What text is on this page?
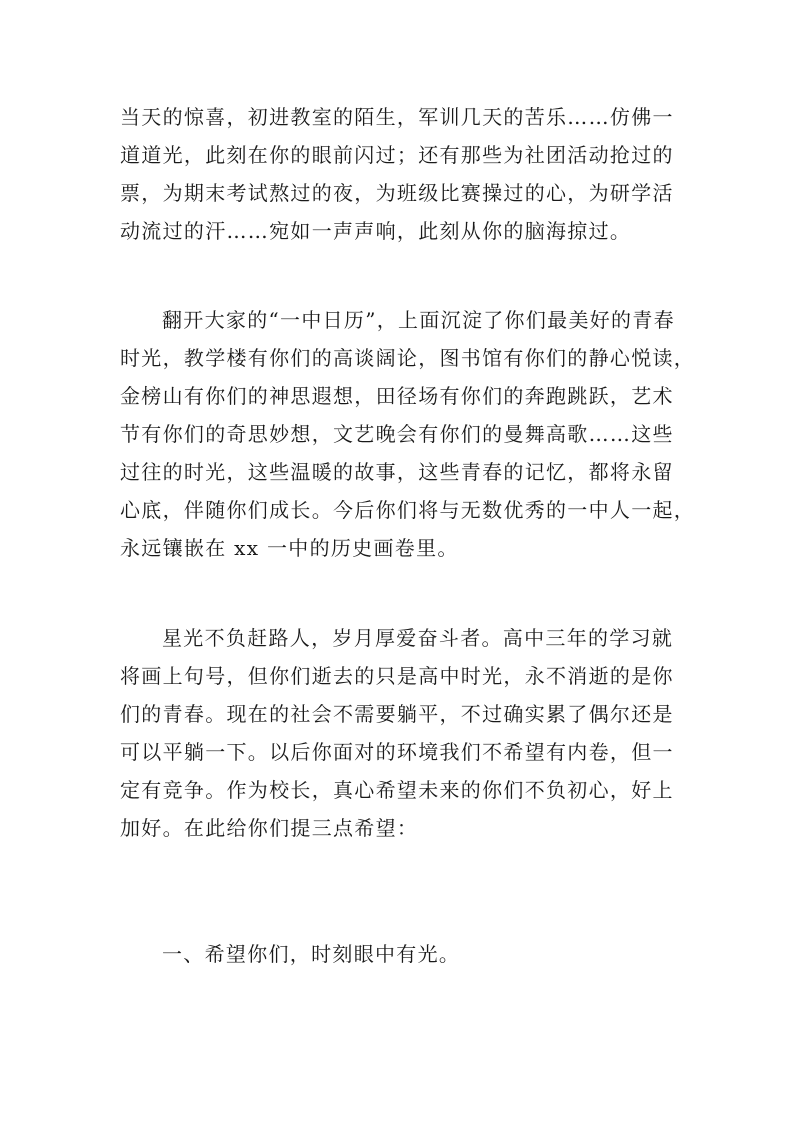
当天的惊喜，初进教室的陌生，军训几天的苦乐……仿佛一
道道光，此刻在你的眼前闪过；还有那些为社团活动抢过的
票，为期末考试熬过的夜，为班级比赛操过的心，为研学活
动流过的汗……宛如一声声响，此刻从你的脑海掠过。

翻开大家的“一中日历”，上面沉淀了你们最美好的青春
时光，教学楼有你们的高谈阔论，图书馆有你们的静心悦读，
金榜山有你们的神思遐想，田径场有你们的奔跑跳跃，艺术
节有你们的奇思妙想，文艺晚会有你们的曼舞高歌……这些
过往的时光，这些温暖的故事，这些青春的记忆，都将永留
心底，伴随你们成长。今后你们将与无数优秀的一中人一起，
永远镶嵌在 xx 一中的历史画卷里。

星光不负赶路人，岁月厚爱奋斗者。高中三年的学习就
将画上句号，但你们逝去的只是高中时光，永不消逝的是你
们的青春。现在的社会不需要躺平，不过确实累了偶尔还是
可以平躺一下。以后你面对的环境我们不希望有内卷，但一
定有竞争。作为校长，真心希望未来的你们不负初心，好上
加好。在此给你们提三点希望：

一、希望你们，时刻眼中有光。
